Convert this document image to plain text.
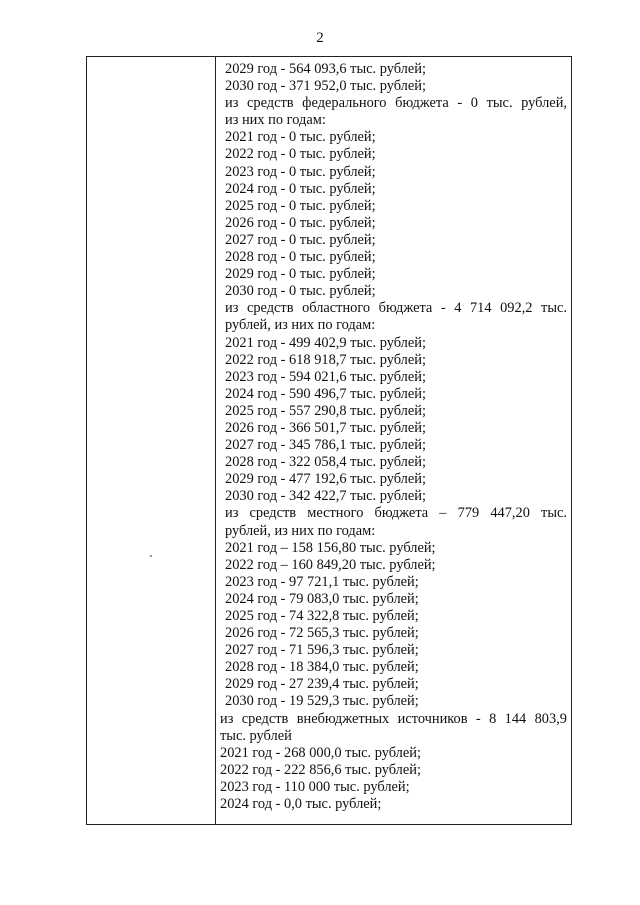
2
2029 год - 564 093,6 тыс. рублей;
2030 год - 371 952,0 тыс. рублей;
из средств федерального бюджета - 0 тыс. рублей,
из них по годам:
2021 год - 0 тыс. рублей;
2022 год - 0 тыс. рублей;
2023 год - 0 тыс. рублей;
2024 год - 0 тыс. рублей;
2025 год - 0 тыс. рублей;
2026 год - 0 тыс. рублей;
2027 год - 0 тыс. рублей;
2028 год - 0 тыс. рублей;
2029 год - 0 тыс. рублей;
2030 год - 0 тыс. рублей;
из средств областного бюджета - 4 714 092,2 тыс.
рублей, из них по годам:
2021 год - 499 402,9 тыс. рублей;
2022 год - 618 918,7 тыс. рублей;
2023 год - 594 021,6 тыс. рублей;
2024 год - 590 496,7 тыс. рублей;
2025 год - 557 290,8 тыс. рублей;
2026 год - 366 501,7 тыс. рублей;
2027 год - 345 786,1 тыс. рублей;
2028 год - 322 058,4 тыс. рублей;
2029 год - 477 192,6 тыс. рублей;
2030 год - 342 422,7 тыс. рублей;
из средств местного бюджета – 779 447,20 тыс.
рублей, из них по годам:
2021 год – 158 156,80 тыс. рублей;
2022 год – 160 849,20 тыс. рублей;
2023 год - 97 721,1 тыс. рублей;
2024 год - 79 083,0 тыс. рублей;
2025 год - 74 322,8 тыс. рублей;
2026 год - 72 565,3 тыс. рублей;
2027 год - 71 596,3 тыс. рублей;
2028 год - 18 384,0 тыс. рублей;
2029 год - 27 239,4 тыс. рублей;
2030 год - 19 529,3 тыс. рублей;
из средств внебюджетных источников - 8 144 803,9
тыс. рублей
2021 год - 268 000,0 тыс. рублей;
2022 год - 222 856,6 тыс. рублей;
2023 год - 110 000 тыс. рублей;
2024 год - 0,0 тыс. рублей;
